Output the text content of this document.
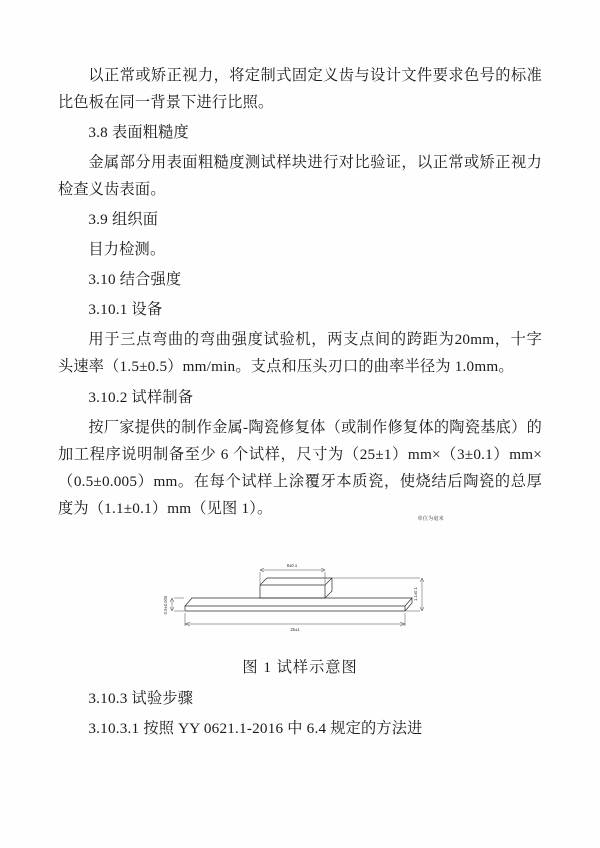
以正常或矫正视力，将定制式固定义齿与设计文件要求色号的标准比色板在同一背景下进行比照。

3.8 表面粗糙度

金属部分用表面粗糙度测试样块进行对比验证，以正常或矫正视力检查义齿表面。

3.9 组织面

目力检测。

3.10 结合强度

3.10.1 设备

用于三点弯曲的弯曲强度试验机，两支点间的跨距为20mm，十字头速率（1.5±0.5）mm/min。支点和压头刃口的曲率半径为 1.0mm。

3.10.2 试样制备

按厂家提供的制作金属-陶瓷修复体（或制作修复体的陶瓷基底）的加工程序说明制备至少 6 个试样，尺寸为（25±1）mm×（3±0.1）mm×（0.5±0.005）mm。在每个试样上涂覆牙本质瓷，使烧结后陶瓷的总厚度为（1.1±0.1）mm（见图 1）。

单位为毫米
8±0.1
25±1
0.5±0.005
1.1±0.1
图 1 试样示意图

3.10.3 试验步骤

3.10.3.1 按照 YY 0621.1-2016 中 6.4 规定的方法进
